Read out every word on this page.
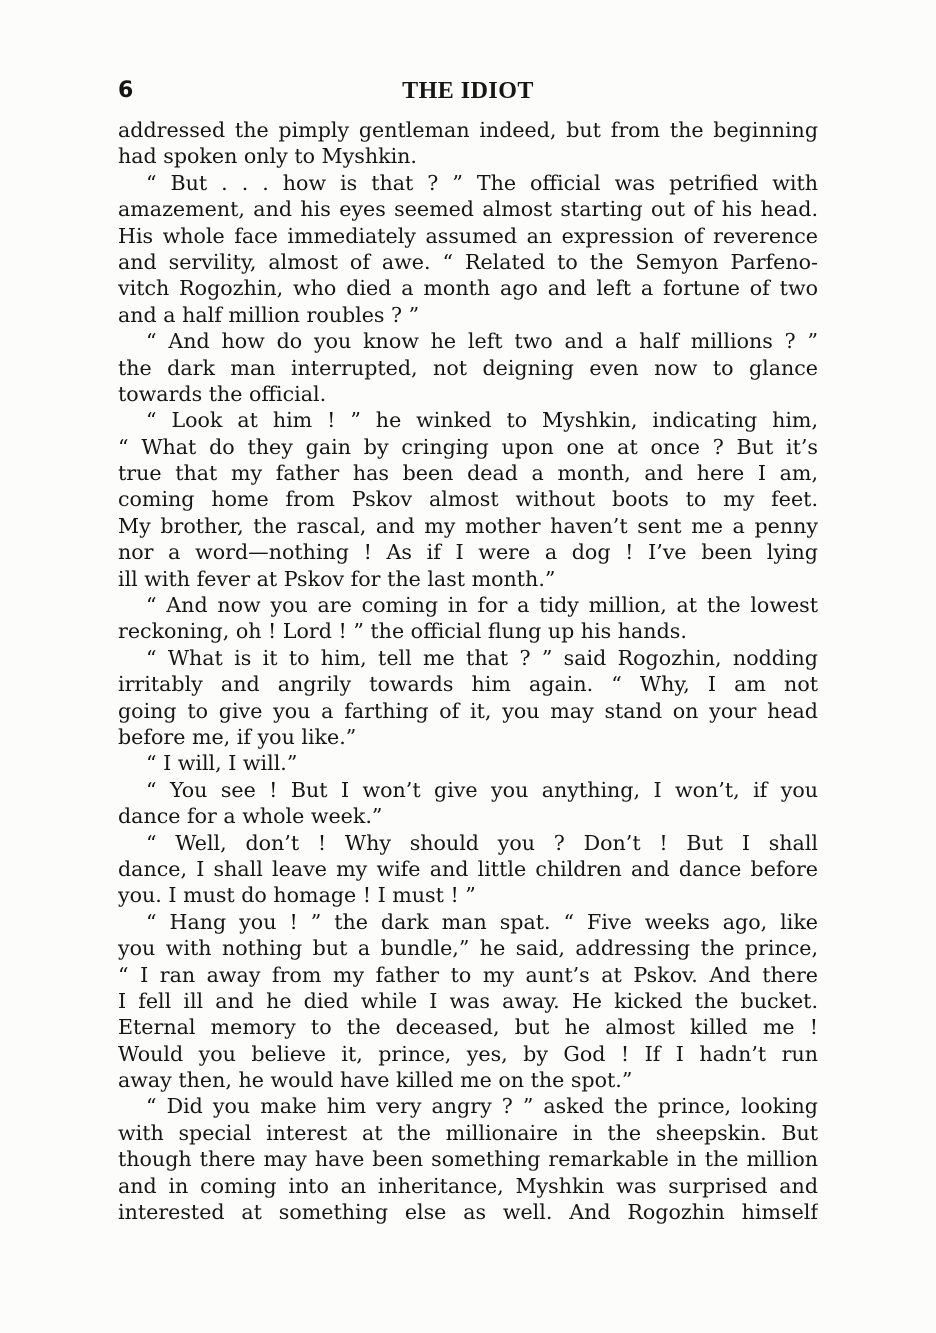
6	THE IDIOT
addressed the pimply gentleman indeed, but from the beginning
had spoken only to Myshkin.
“ But . . . how is that ? ” The official was petrified with
amazement, and his eyes seemed almost starting out of his head.
His whole face immediately assumed an expression of reverence
and servility, almost of awe. “ Related to the Semyon Parfeno-
vitch Rogozhin, who died a month ago and left a fortune of two
and a half million roubles ? ”
“ And how do you know he left two and a half millions ? ”
the dark man interrupted, not deigning even now to glance
towards the official.
“ Look at him ! ” he winked to Myshkin, indicating him,
“ What do they gain by cringing upon one at once ? But it’s
true that my father has been dead a month, and here I am,
coming home from Pskov almost without boots to my feet.
My brother, the rascal, and my mother haven’t sent me a penny
nor a word—nothing ! As if I were a dog ! I’ve been lying
ill with fever at Pskov for the last month.”
“ And now you are coming in for a tidy million, at the lowest
reckoning, oh ! Lord ! ” the official flung up his hands.
“ What is it to him, tell me that ? ” said Rogozhin, nodding
irritably and angrily towards him again. “ Why, I am not
going to give you a farthing of it, you may stand on your head
before me, if you like.”
“ I will, I will.”
“ You see ! But I won’t give you anything, I won’t, if you
dance for a whole week.”
“ Well, don’t ! Why should you ? Don’t ! But I shall
dance, I shall leave my wife and little children and dance before
you. I must do homage ! I must ! ”
“ Hang you ! ” the dark man spat. “ Five weeks ago, like
you with nothing but a bundle,” he said, addressing the prince,
“ I ran away from my father to my aunt’s at Pskov. And there
I fell ill and he died while I was away. He kicked the bucket.
Eternal memory to the deceased, but he almost killed me !
Would you believe it, prince, yes, by God ! If I hadn’t run
away then, he would have killed me on the spot.”
“ Did you make him very angry ? ” asked the prince, looking
with special interest at the millionaire in the sheepskin. But
though there may have been something remarkable in the million
and in coming into an inheritance, Myshkin was surprised and
interested at something else as well. And Rogozhin himself
